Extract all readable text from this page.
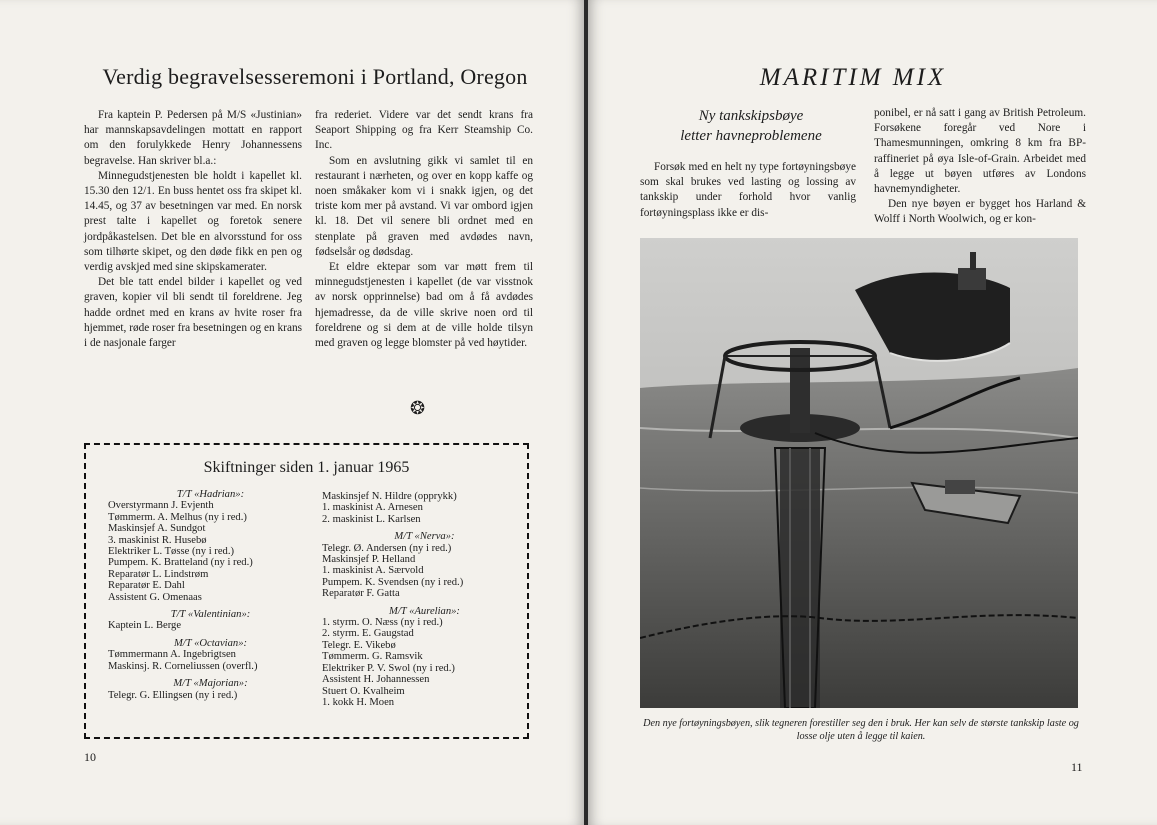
Verdig begravelsesseremoni i Portland, Oregon

Fra kaptein P. Pedersen på M/S «Justinian» har mannskapsavdelingen mottatt en rapport om den forulykkede Henry Johannessens begravelse. Han skriver bl.a.:

Minnegudstjenesten ble holdt i kapellet kl. 15.30 den 12/1. En buss hentet oss fra skipet kl. 14.45, og 37 av besetningen var med. En norsk prest talte i kapellet og foretok senere jordpåkastelsen. Det ble en alvorsstund for oss som tilhørte skipet, og den døde fikk en pen og verdig avskjed med sine skipskamerater.

Det ble tatt endel bilder i kapellet og ved graven, kopier vil bli sendt til foreldrene. Jeg hadde ordnet med en krans av hvite roser fra hjemmet, røde roser fra besetningen og en krans i de nasjonale farger

fra rederiet. Videre var det sendt krans fra Seaport Shipping og fra Kerr Steamship Co. Inc.

Som en avslutning gikk vi samlet til en restaurant i nærheten, og over en kopp kaffe og noen småkaker kom vi i snakk igjen, og det triste kom mer på avstand. Vi var ombord igjen kl. 18. Det vil senere bli ordnet med en stenplate på graven med avdødes navn, fødselsår og dødsdag.

Et eldre ektepar som var møtt frem til minnegudstjenesten i kapellet (de var visstnok av norsk opprinnelse) bad om å få avdødes hjemadresse, da de ville skrive noen ord til foreldrene og si dem at de ville holde tilsyn med graven og legge blomster på ved høytider.

❂
Skiftninger siden 1. januar 1965
T/T «Hadrian»:
Overstyrmann J. Evjenth
Tømmerm. A. Melhus (ny i red.)
Maskinsjef A. Sundgot
3. maskinist R. Husebø
Elektriker L. Tøsse (ny i red.)
Pumpem. K. Bratteland (ny i red.)
Reparatør L. Lindstrøm
Reparatør E. Dahl
Assistent G. Omenaas
T/T «Valentinian»:
Kaptein L. Berge
M/T «Octavian»:
Tømmermann A. Ingebrigtsen
Maskinsj. R. Corneliussen (overfl.)
M/T «Majorian»:
Telegr. G. Ellingsen (ny i red.)
Maskinsjef N. Hildre (opprykk)
1. maskinist A. Arnesen
2. maskinist L. Karlsen
M/T «Nerva»:
Telegr. Ø. Andersen (ny i red.)
Maskinsjef P. Helland
1. maskinist A. Særvold
Pumpem. K. Svendsen (ny i red.)
Reparatør F. Gatta
M/T «Aurelian»:
1. styrm. O. Næss (ny i red.)
2. styrm. E. Gaugstad
Telegr. E. Vikebø
Tømmerm. G. Ramsvik
Elektriker P. V. Swol (ny i red.)
Assistent H. Johannessen
Stuert O. Kvalheim
1. kokk H. Moen
10
MARITIM MIX
Ny tankskipsbøye
letter havneproblemene

Forsøk med en helt ny type fortøyningsbøye som skal brukes ved lasting og lossing av tankskip under forhold hvor vanlig fortøyningsplass ikke er dis-

ponibel, er nå satt i gang av British Petroleum. Forsøkene foregår ved Nore i Thamesmunningen, omkring 8 km fra BP-raffineriet på øya Isle-of-Grain. Arbeidet med å legge ut bøyen utføres av Londons havnemyndigheter.

Den nye bøyen er bygget hos Harland & Wolff i North Woolwich, og er kon-

Den nye fortøyningsbøyen, slik tegneren forestiller seg den i bruk. Her kan selv de største tankskip laste og losse olje uten å legge til kaien.
11
